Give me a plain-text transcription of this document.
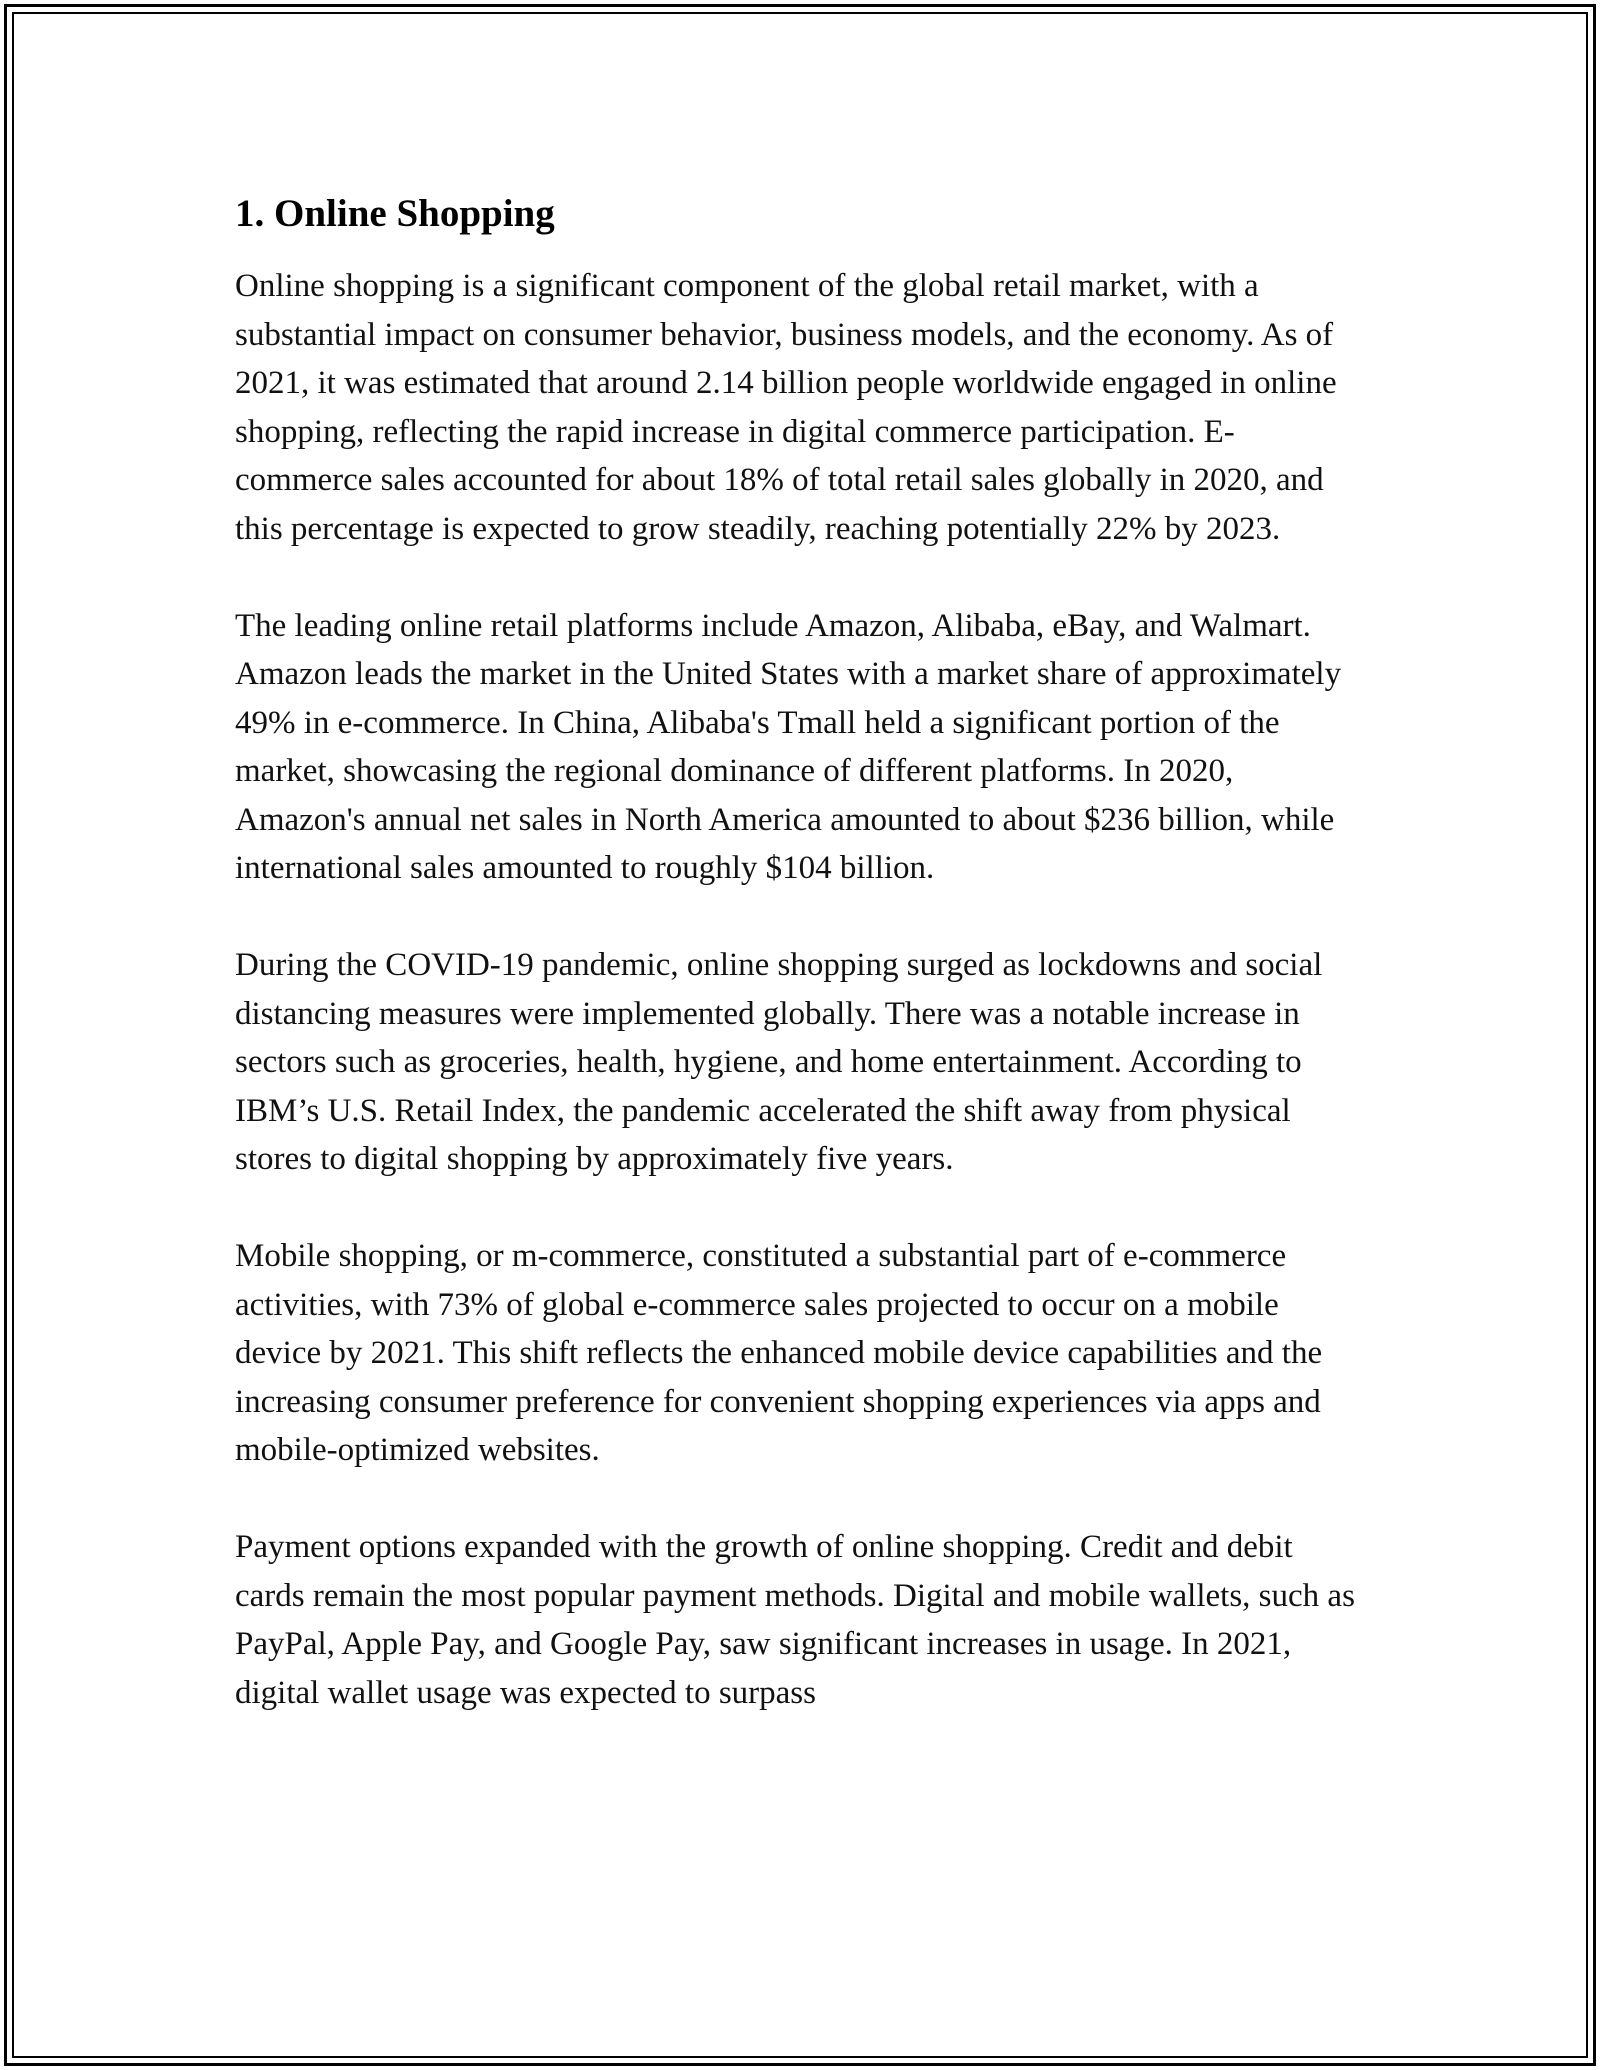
1. Online Shopping

Online shopping is a significant component of the global retail market, with a substantial impact on consumer behavior, business models, and the economy. As of 2021, it was estimated that around 2.14 billion people worldwide engaged in online shopping, reflecting the rapid increase in digital commerce participation. E-commerce sales accounted for about 18% of total retail sales globally in 2020, and this percentage is expected to grow steadily, reaching potentially 22% by 2023.

The leading online retail platforms include Amazon, Alibaba, eBay, and Walmart. Amazon leads the market in the United States with a market share of approximately 49% in e-commerce. In China, Alibaba's Tmall held a significant portion of the market, showcasing the regional dominance of different platforms. In 2020, Amazon's annual net sales in North America amounted to about $236 billion, while international sales amounted to roughly $104 billion.

During the COVID-19 pandemic, online shopping surged as lockdowns and social distancing measures were implemented globally. There was a notable increase in sectors such as groceries, health, hygiene, and home entertainment. According to IBM’s U.S. Retail Index, the pandemic accelerated the shift away from physical stores to digital shopping by approximately five years.

Mobile shopping, or m-commerce, constituted a substantial part of e-commerce activities, with 73% of global e-commerce sales projected to occur on a mobile device by 2021. This shift reflects the enhanced mobile device capabilities and the increasing consumer preference for convenient shopping experiences via apps and mobile-optimized websites.

Payment options expanded with the growth of online shopping. Credit and debit cards remain the most popular payment methods. Digital and mobile wallets, such as PayPal, Apple Pay, and Google Pay, saw significant increases in usage. In 2021, digital wallet usage was expected to surpass
